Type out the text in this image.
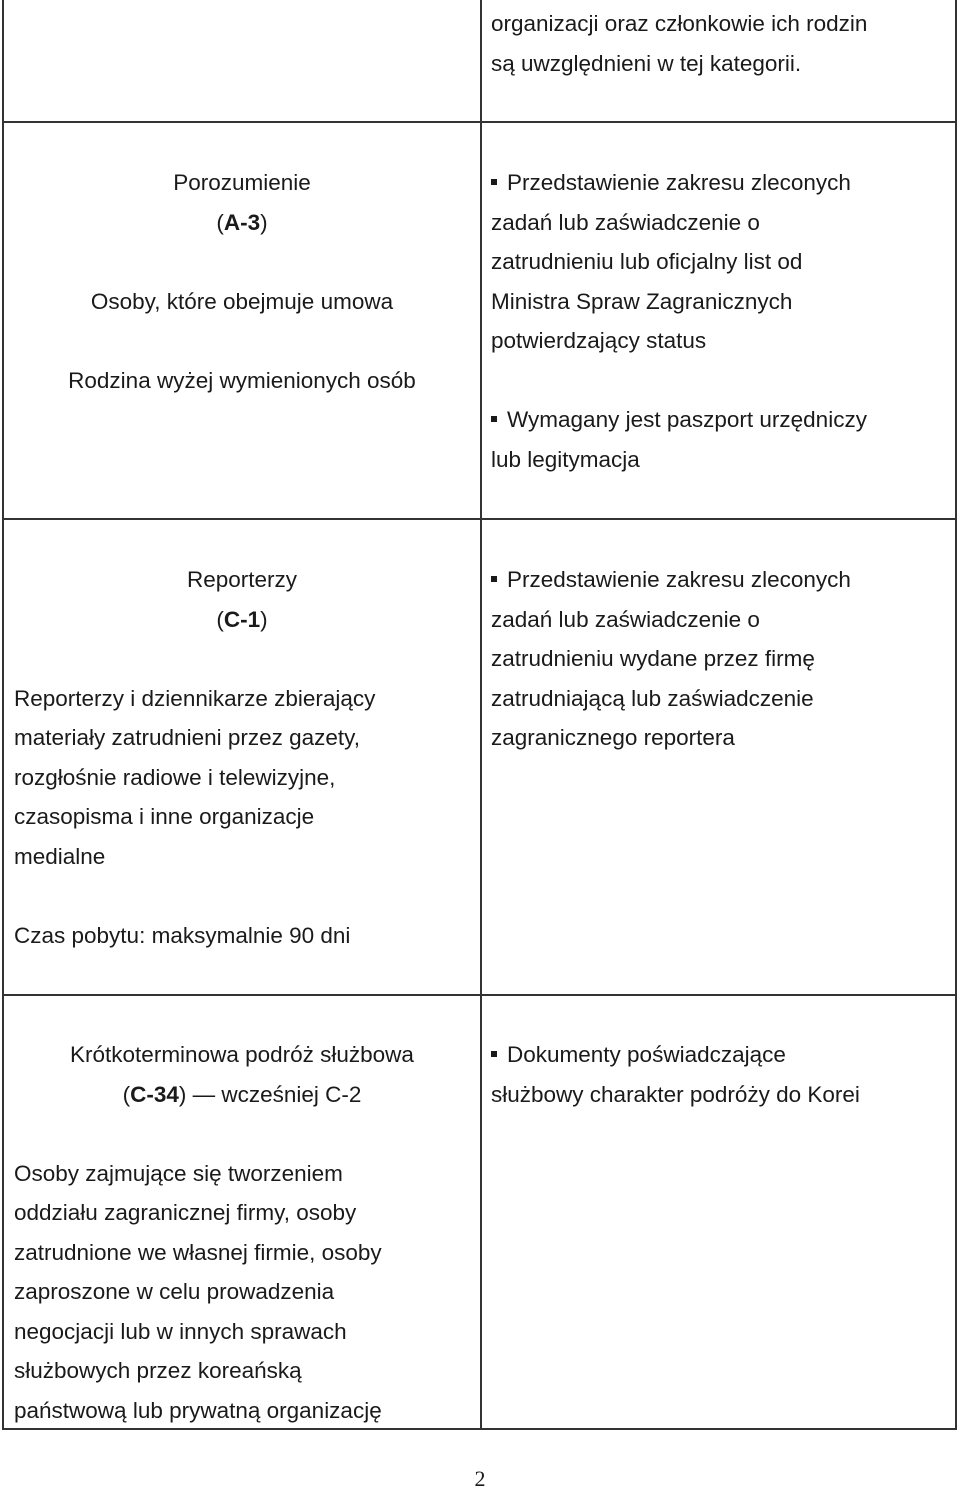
organizacji oraz członkowie ich rodzin
są uwzględnieni w tej kategorii.
Porozumienie
(A-3)
Osoby, które obejmuje umowa
Rodzina wyżej wymienionych osób
Przedstawienie zakresu zleconych
zadań lub zaświadczenie o
zatrudnieniu lub oficjalny list od
Ministra Spraw Zagranicznych
potwierdzający status
Wymagany jest paszport urzędniczy
lub legitymacja
Reporterzy
(C-1)
Reporterzy i dziennikarze zbierający
materiały zatrudnieni przez gazety,
rozgłośnie radiowe i telewizyjne,
czasopisma i inne organizacje
medialne
Czas pobytu: maksymalnie 90 dni
Przedstawienie zakresu zleconych
zadań lub zaświadczenie o
zatrudnieniu wydane przez firmę
zatrudniającą lub zaświadczenie
zagranicznego reportera
Krótkoterminowa podróż służbowa
(C-34) — wcześniej C-2
Osoby zajmujące się tworzeniem
oddziału zagranicznej firmy, osoby
zatrudnione we własnej firmie, osoby
zaproszone w celu prowadzenia
negocjacji lub w innych sprawach
służbowych przez koreańską
państwową lub prywatną organizację
Dokumenty poświadczające
służbowy charakter podróży do Korei
2
